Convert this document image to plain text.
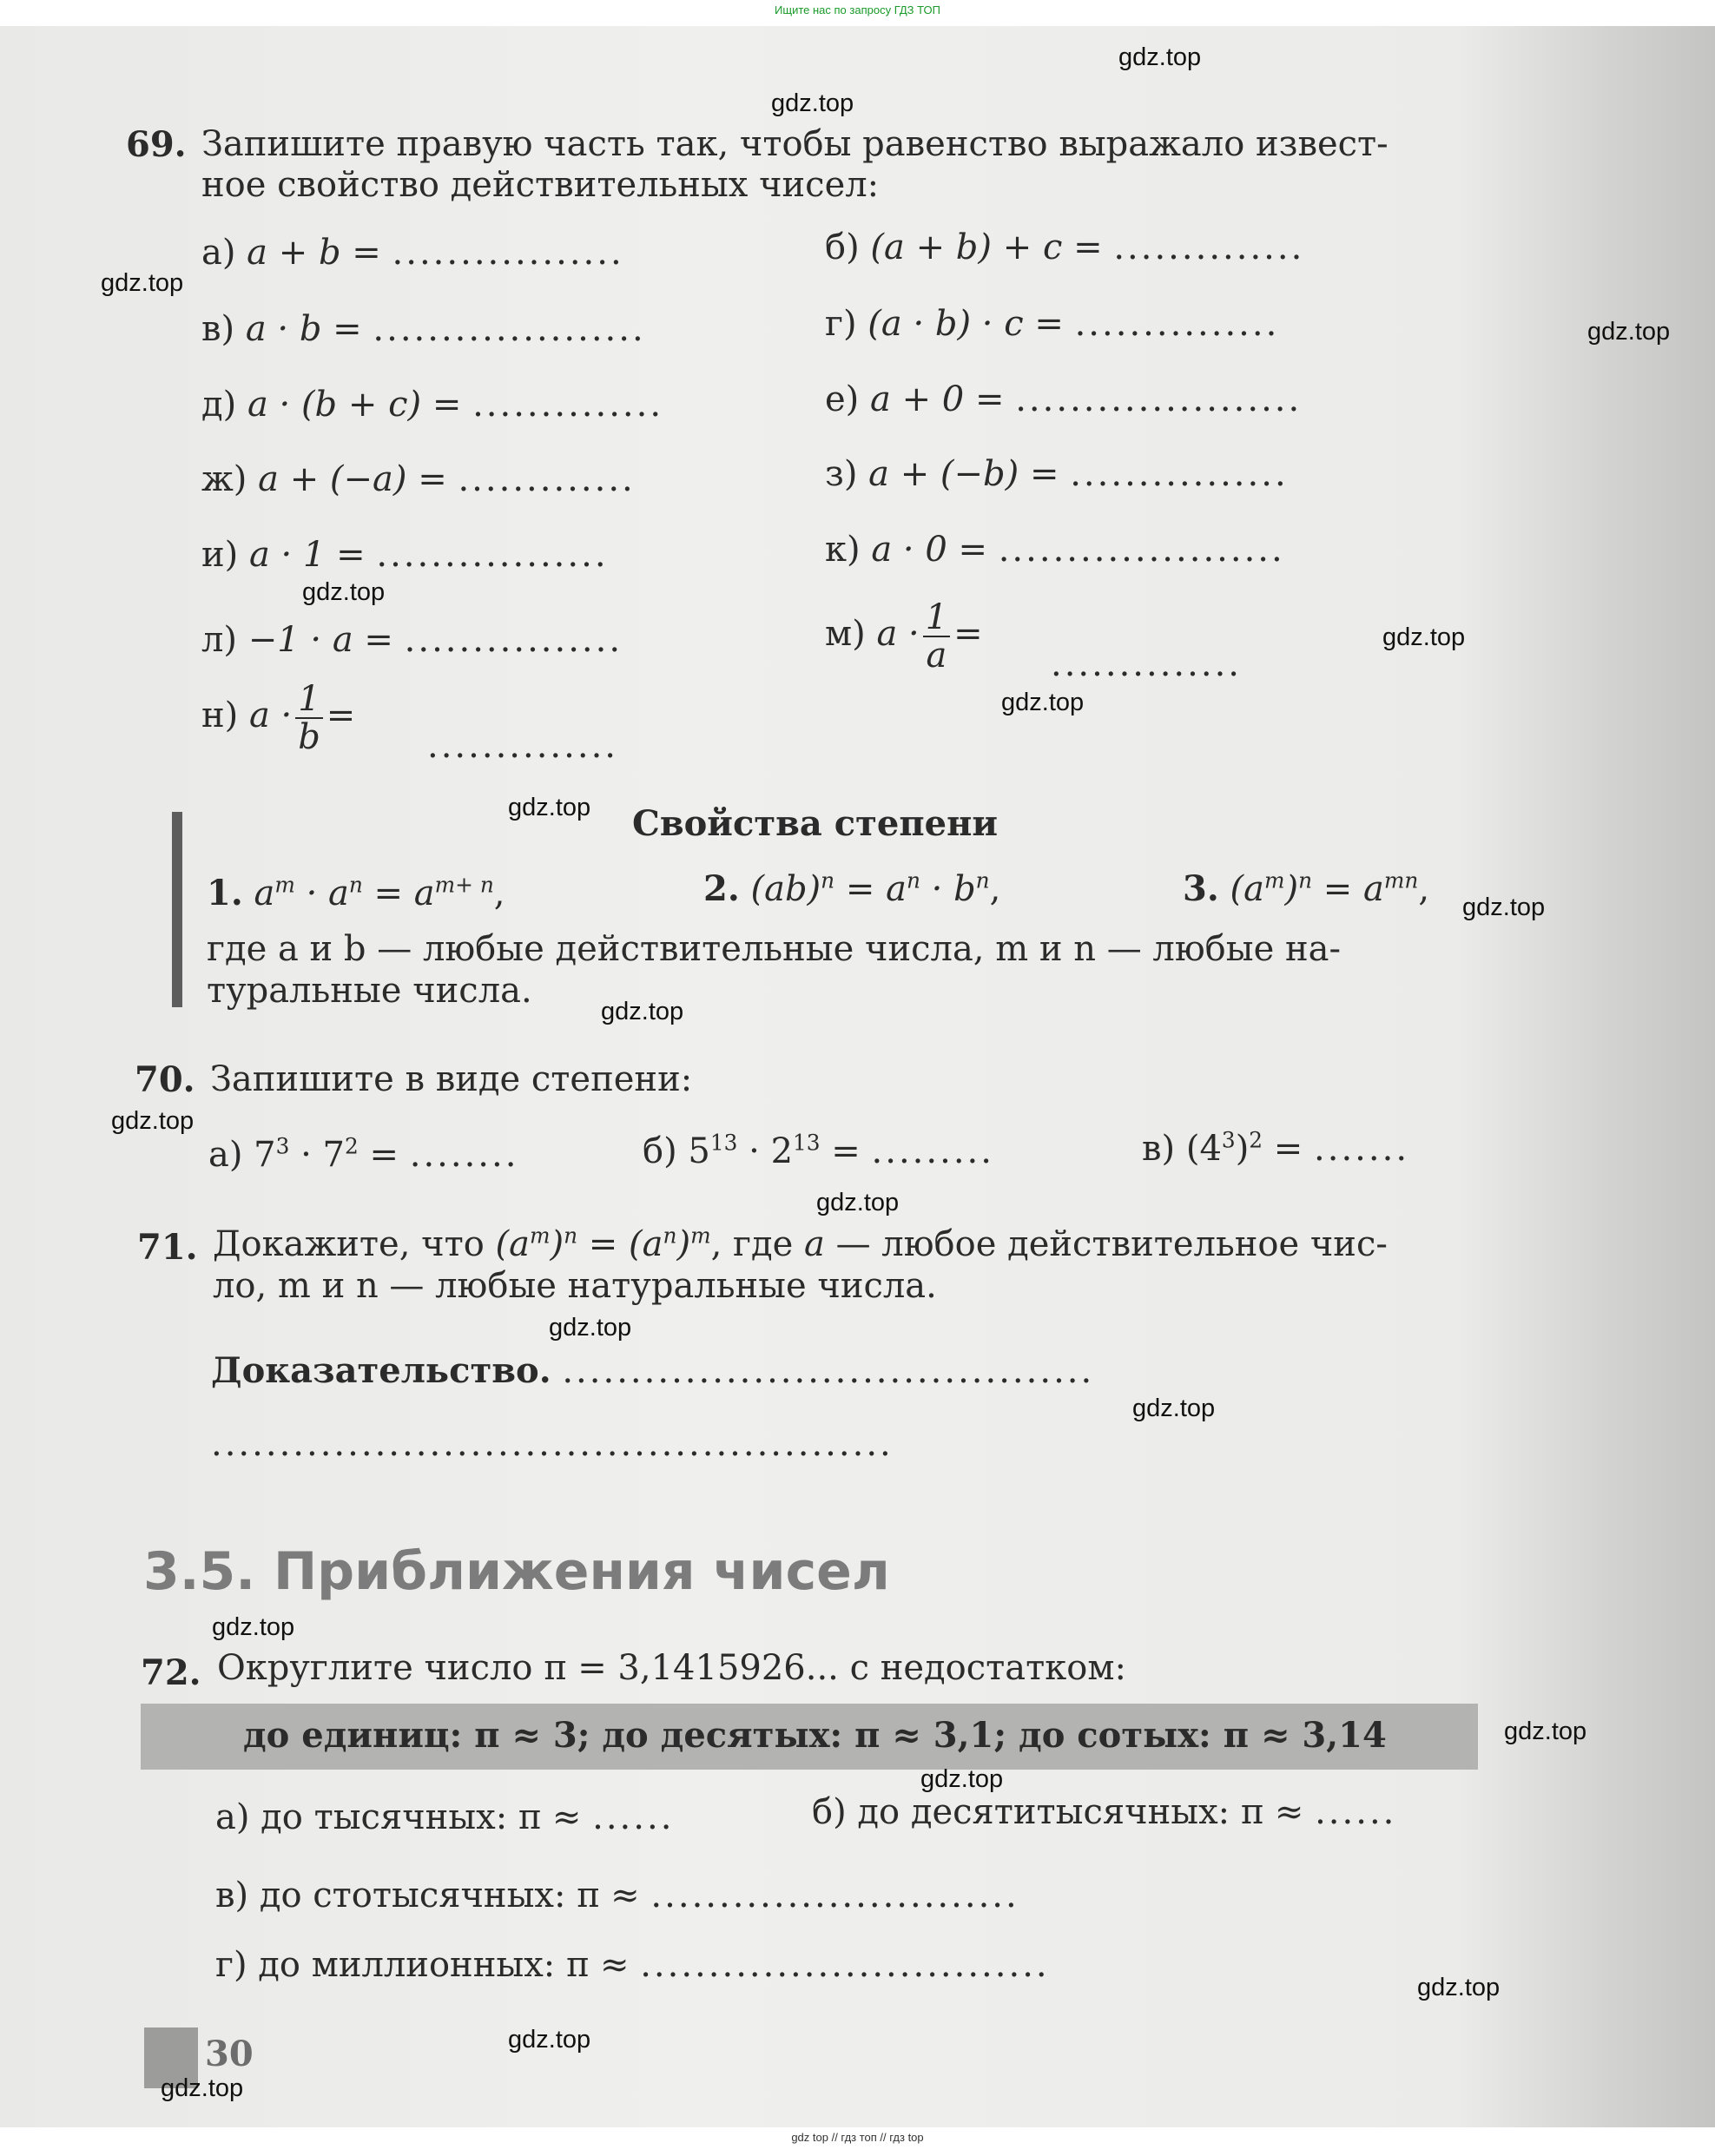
Ищите нас по запросу ГДЗ ТОП
69. Запишите правую часть так, чтобы равенство выражало извест-
ное свойство действительных чисел:
а) a + b = .................	б) (a + b) + c = ..............
в) a · b = ....................	г) (a · b) · c = ...............
д) a · (b + c) = ..............	е) a + 0 = .....................
ж) a + (−a) = .............	з) a + (−b) = ................
и) a · 1 = .................	к) a · 0 = .....................
л) −1 · a = ................	м) $a \cdot \frac{1}{a}$ =
..............
н) $a \cdot \frac{1}{b}$ =
..............
Свойства степени
1. $a^m \cdot a^n = a^{m+ n}$,	2. $(ab)^n = a^n \cdot b^n$,	3. $(a^m)^n = a^{mn}$,
где a и b — любые действительные числа, m и n — любые на-
туральные числа.
70. Запишите в виде степени:
а) $7^3 \cdot 7^2$ = ........	б) $5^{13} \cdot 2^{13}$ = .........	в) $(4^3)^2$ = .......
71. Докажите, что $(a^m)^n = (a^n)^m$, где a — любое действительное чис-
ло, m и n — любые натуральные числа.
Доказательство. .......................................
..................................................
3.5. Приближения чисел
72. Округлите число π = 3,1415926... с недостатком:
до единиц: π ≈ 3; до десятых: π ≈ 3,1; до сотых: π ≈ 3,14
а) до тысячных: π ≈ ......	б) до десятитысячных: π ≈ ......
в) до стотысячных: π ≈ ...........................
г) до миллионных: π ≈ ..............................
30
gdz.top
gdz.top
gdz.top
gdz.top
gdz.top
gdz.top
gdz.top
gdz.top
gdz.top
gdz.top
gdz.top
gdz.top
gdz.top
gdz.top
gdz.top
gdz.top
gdz.top
gdz.top
gdz.top
gdz.top
gdz top // гдз топ // гдз top
